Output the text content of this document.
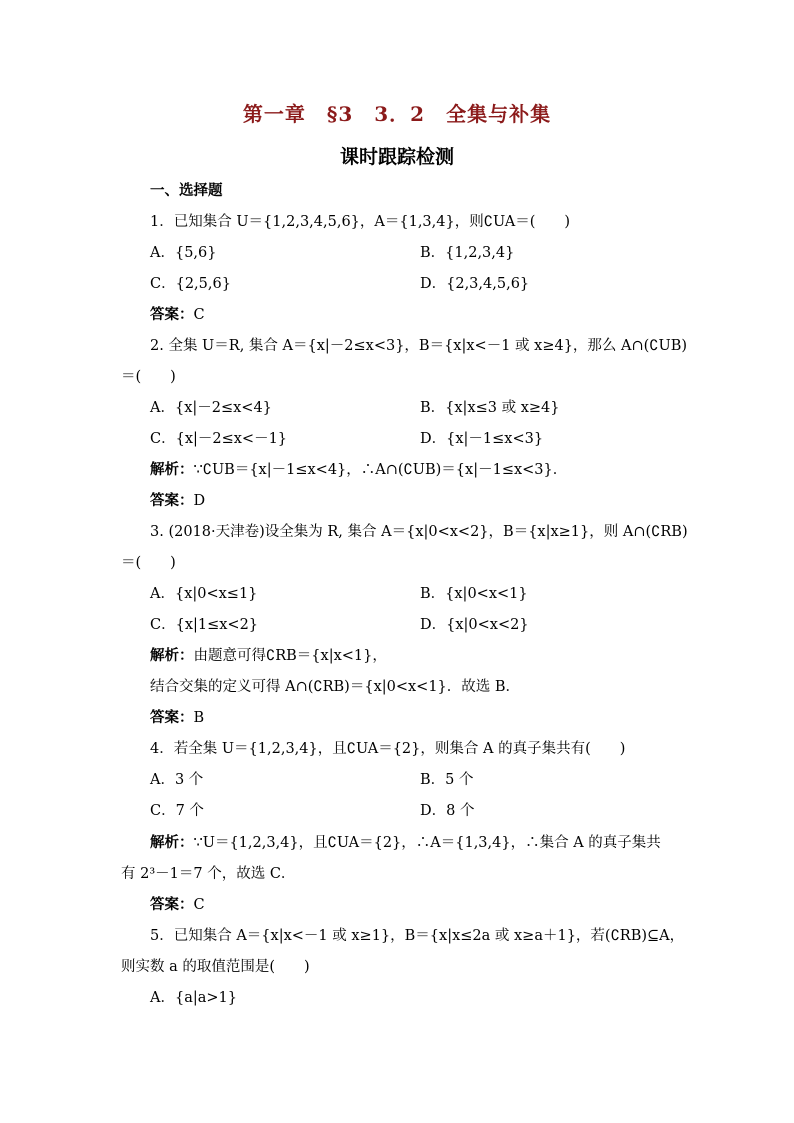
第一章　§3　3．2　全集与补集
课时跟踪检测
一、选择题
1．已知集合 U＝{1,2,3,4,5,6}，A＝{1,3,4}，则∁UA＝(　　)
A．{5,6}	B．{1,2,3,4}
C．{2,5,6}	D．{2,3,4,5,6}
答案：C
2. 全集 U＝R, 集合 A＝{x|－2≤x<3}，B＝{x|x<－1 或 x≥4}，那么 A∩(∁UB)
＝(　　)
A．{x|－2≤x<4}	B．{x|x≤3 或 x≥4}
C．{x|－2≤x<－1}	D．{x|－1≤x<3}
解析：∵∁UB＝{x|－1≤x<4}，∴A∩(∁UB)＝{x|－1≤x<3}．
答案：D
3. (2018·天津卷)设全集为 R, 集合 A＝{x|0<x<2}，B＝{x|x≥1}，则 A∩(∁RB)
＝(　　)
A．{x|0<x≤1}	B．{x|0<x<1}
C．{x|1≤x<2}	D．{x|0<x<2}
解析：由题意可得∁RB＝{x|x<1}，
结合交集的定义可得 A∩(∁RB)＝{x|0<x<1}．故选 B．
答案：B
4．若全集 U＝{1,2,3,4}，且∁UA＝{2}，则集合 A 的真子集共有(　　)
A．3 个	B．5 个
C．7 个	D．8 个
解析：∵U＝{1,2,3,4}，且∁UA＝{2}，∴A＝{1,3,4}，∴集合 A 的真子集共
有 2³－1＝7 个，故选 C．
答案：C
5．已知集合 A＝{x|x<－1 或 x≥1}，B＝{x|x≤2a 或 x≥a＋1}，若(∁RB)⊆A，
则实数 a 的取值范围是(　　)
A．{a|a>1}
